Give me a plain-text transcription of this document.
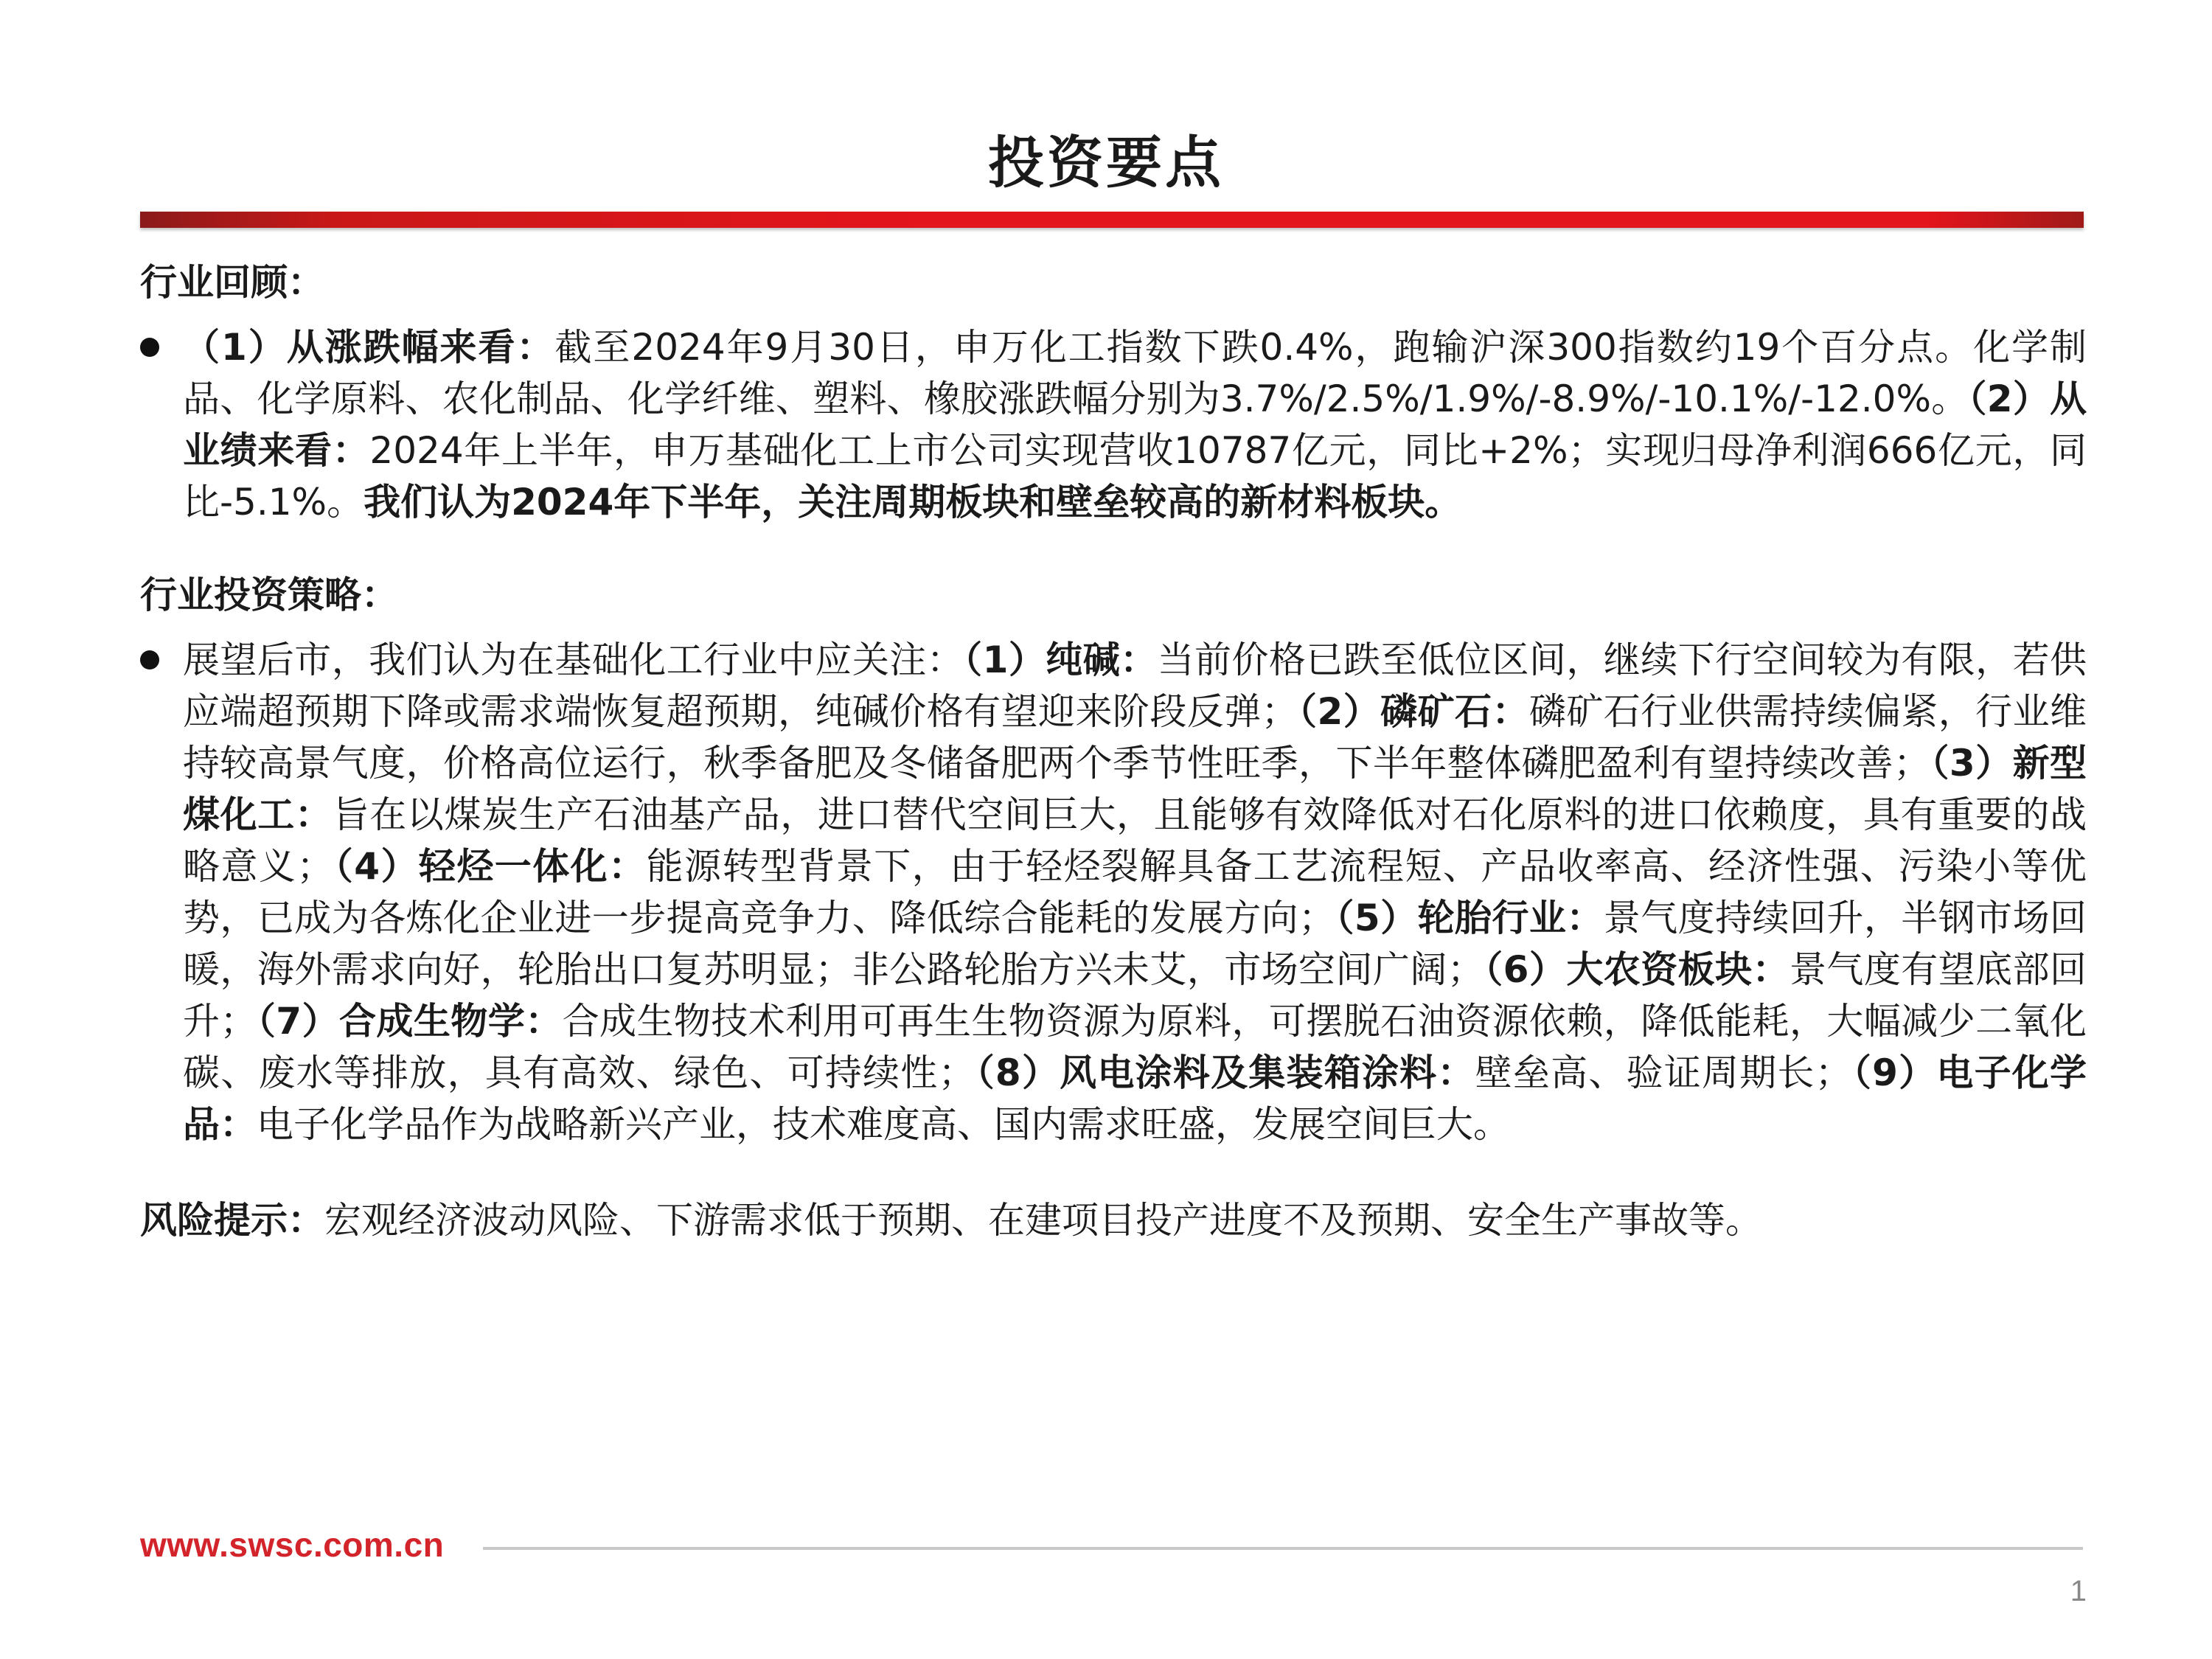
投资要点
行业回顾：
（1）从涨跌幅来看：截至2024年9月30日，申万化工指数下跌0.4%，跑输沪深300指数约19个百分点。化学制品、化学原料、农化制品、化学纤维、塑料、橡胶涨跌幅分别为3.7%/2.5%/1.9%/-8.9%/-10.1%/-12.0%。（2）从业绩来看：2024年上半年，申万基础化工上市公司实现营收10787亿元，同比+2%；实现归母净利润666亿元，同比-5.1%。我们认为2024年下半年，关注周期板块和壁垒较高的新材料板块。
行业投资策略：
展望后市，我们认为在基础化工行业中应关注：（1）纯碱：当前价格已跌至低位区间，继续下行空间较为有限，若供应端超预期下降或需求端恢复超预期，纯碱价格有望迎来阶段反弹；（2）磷矿石：磷矿石行业供需持续偏紧，行业维持较高景气度，价格高位运行，秋季备肥及冬储备肥两个季节性旺季，下半年整体磷肥盈利有望持续改善；（3）新型煤化工：旨在以煤炭生产石油基产品，进口替代空间巨大，且能够有效降低对石化原料的进口依赖度，具有重要的战略意义；（4）轻烃一体化：能源转型背景下，由于轻烃裂解具备工艺流程短、产品收率高、经济性强、污染小等优势，已成为各炼化企业进一步提高竞争力、降低综合能耗的发展方向；（5）轮胎行业：景气度持续回升，半钢市场回暖，海外需求向好，轮胎出口复苏明显；非公路轮胎方兴未艾，市场空间广阔；（6）大农资板块：景气度有望底部回升；（7）合成生物学：合成生物技术利用可再生生物资源为原料，可摆脱石油资源依赖，降低能耗，大幅减少二氧化碳、废水等排放，具有高效、绿色、可持续性；（8）风电涂料及集装箱涂料：壁垒高、验证周期长；（9）电子化学品：电子化学品作为战略新兴产业，技术难度高、国内需求旺盛，发展空间巨大。

风险提示：宏观经济波动风险、下游需求低于预期、在建项目投产进度不及预期、安全生产事故等。

www.swsc.com.cn
1
